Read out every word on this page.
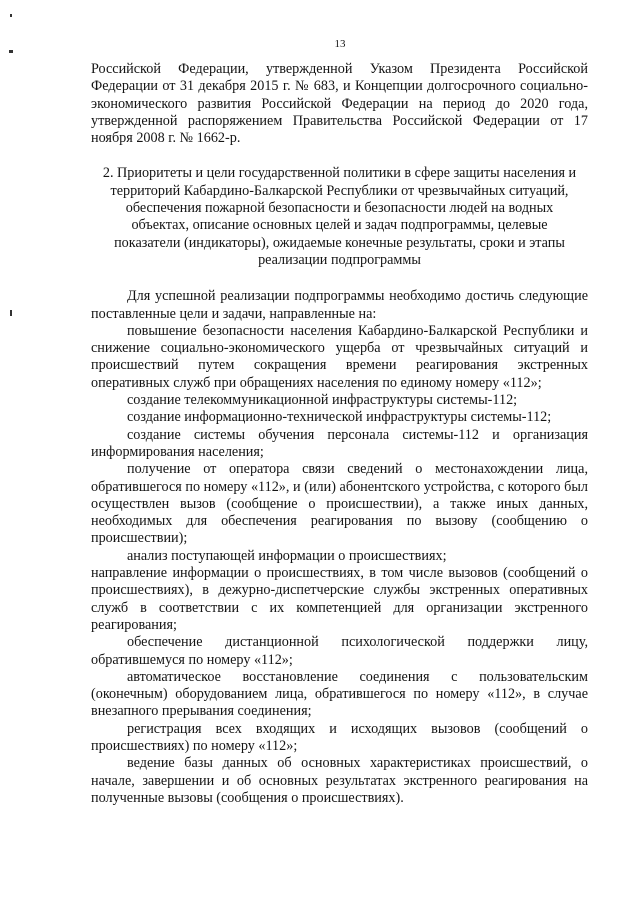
13

Российской Федерации, утвержденной Указом Президента Российской Федерации от 31 декабря 2015 г. № 683, и Концепции долгосрочного социально-экономического развития Российской Федерации на период до 2020 года, утвержденной распоряжением Правительства Российской Федерации от 17 ноября 2008 г. № 1662-р.

2. Приоритеты и цели государственной политики в сфере защиты населения и территорий Кабардино-Балкарской Республики от чрезвычайных ситуаций, обеспечения пожарной безопасности и безопасности людей на водных объектах, описание основных целей и задач подпрограммы, целевые показатели (индикаторы), ожидаемые конечные результаты, сроки и этапы реализации подпрограммы

Для успешной реализации подпрограммы необходимо достичь следующие поставленные цели и задачи, направленные на:

повышение безопасности населения Кабардино-Балкарской Республики и снижение социально-экономического ущерба от чрезвычайных ситуаций и происшествий путем сокращения времени реагирования экстренных оперативных служб при обращениях населения по единому номеру «112»;

создание телекоммуникационной инфраструктуры системы-112;

создание информационно-технической инфраструктуры системы-112;

создание системы обучения персонала системы-112 и организация информирования населения;

получение от оператора связи сведений о местонахождении лица, обратившегося по номеру «112», и (или) абонентского устройства, с которого был осуществлен вызов (сообщение о происшествии), а также иных данных, необходимых для обеспечения реагирования по вызову (сообщению о происшествии);

анализ поступающей информации о происшествиях;

направление информации о происшествиях, в том числе вызовов (сообщений о происшествиях), в дежурно-диспетчерские службы экстренных оперативных служб в соответствии с их компетенцией для организации экстренного реагирования;

обеспечение дистанционной психологической поддержки лицу, обратившемуся по номеру «112»;

автоматическое восстановление соединения с пользовательским (оконечным) оборудованием лица, обратившегося по номеру «112», в случае внезапного прерывания соединения;

регистрация всех входящих и исходящих вызовов (сообщений о происшествиях) по номеру «112»;

ведение базы данных об основных характеристиках происшествий, о начале, завершении и об основных результатах экстренного реагирования на полученные вызовы (сообщения о происшествиях).
